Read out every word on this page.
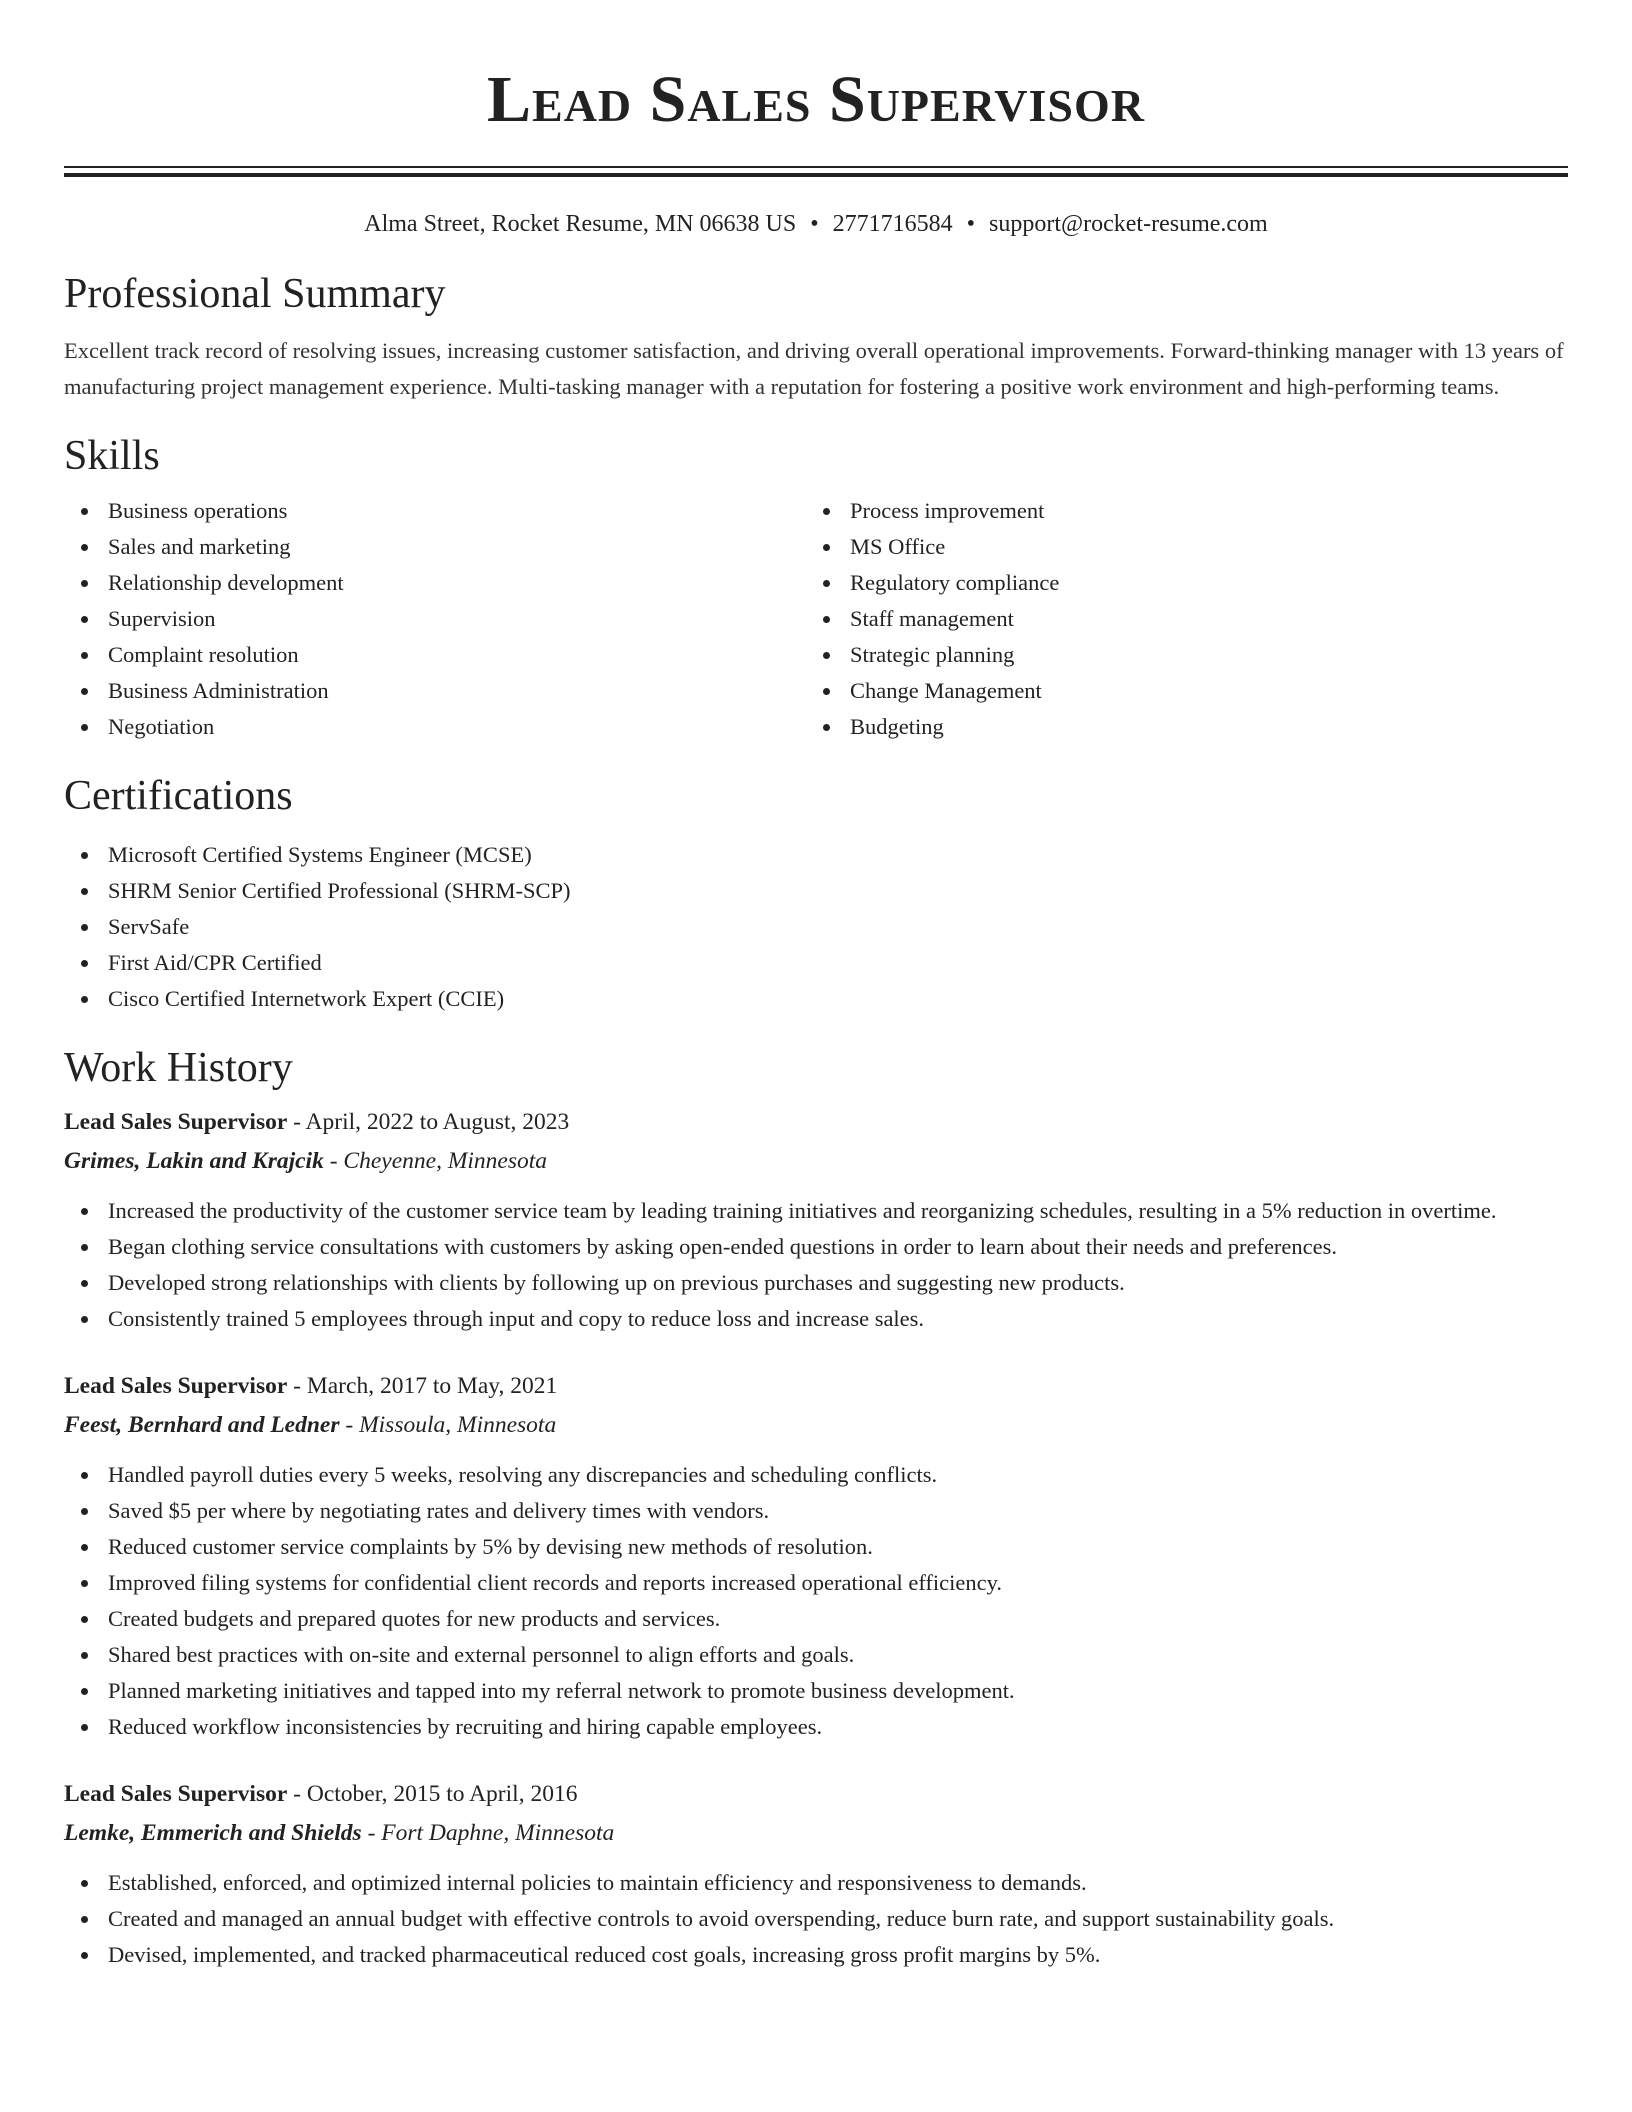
Lead Sales Supervisor
Alma Street, Rocket Resume, MN 06638 US • 2771716584 • support@rocket-resume.com
Professional Summary

Excellent track record of resolving issues, increasing customer satisfaction, and driving overall operational improvements. Forward-thinking manager with 13 years of manufacturing project management experience. Multi-tasking manager with a reputation for fostering a positive work environment and high-performing teams.

Skills
Business operations
Sales and marketing
Relationship development
Supervision
Complaint resolution
Business Administration
Negotiation
Process improvement
MS Office
Regulatory compliance
Staff management
Strategic planning
Change Management
Budgeting
Certifications
Microsoft Certified Systems Engineer (MCSE)
SHRM Senior Certified Professional (SHRM-SCP)
ServSafe
First Aid/CPR Certified
Cisco Certified Internetwork Expert (CCIE)
Work History
Lead Sales Supervisor - April, 2022 to August, 2023
Grimes, Lakin and Krajcik - Cheyenne, Minnesota
Increased the productivity of the customer service team by leading training initiatives and reorganizing schedules, resulting in a 5% reduction in overtime.
Began clothing service consultations with customers by asking open-ended questions in order to learn about their needs and preferences.
Developed strong relationships with clients by following up on previous purchases and suggesting new products.
Consistently trained 5 employees through input and copy to reduce loss and increase sales.
Lead Sales Supervisor - March, 2017 to May, 2021
Feest, Bernhard and Ledner - Missoula, Minnesota
Handled payroll duties every 5 weeks, resolving any discrepancies and scheduling conflicts.
Saved $5 per where by negotiating rates and delivery times with vendors.
Reduced customer service complaints by 5% by devising new methods of resolution.
Improved filing systems for confidential client records and reports increased operational efficiency.
Created budgets and prepared quotes for new products and services.
Shared best practices with on-site and external personnel to align efforts and goals.
Planned marketing initiatives and tapped into my referral network to promote business development.
Reduced workflow inconsistencies by recruiting and hiring capable employees.
Lead Sales Supervisor - October, 2015 to April, 2016
Lemke, Emmerich and Shields - Fort Daphne, Minnesota
Established, enforced, and optimized internal policies to maintain efficiency and responsiveness to demands.
Created and managed an annual budget with effective controls to avoid overspending, reduce burn rate, and support sustainability goals.
Devised, implemented, and tracked pharmaceutical reduced cost goals, increasing gross profit margins by 5%.
